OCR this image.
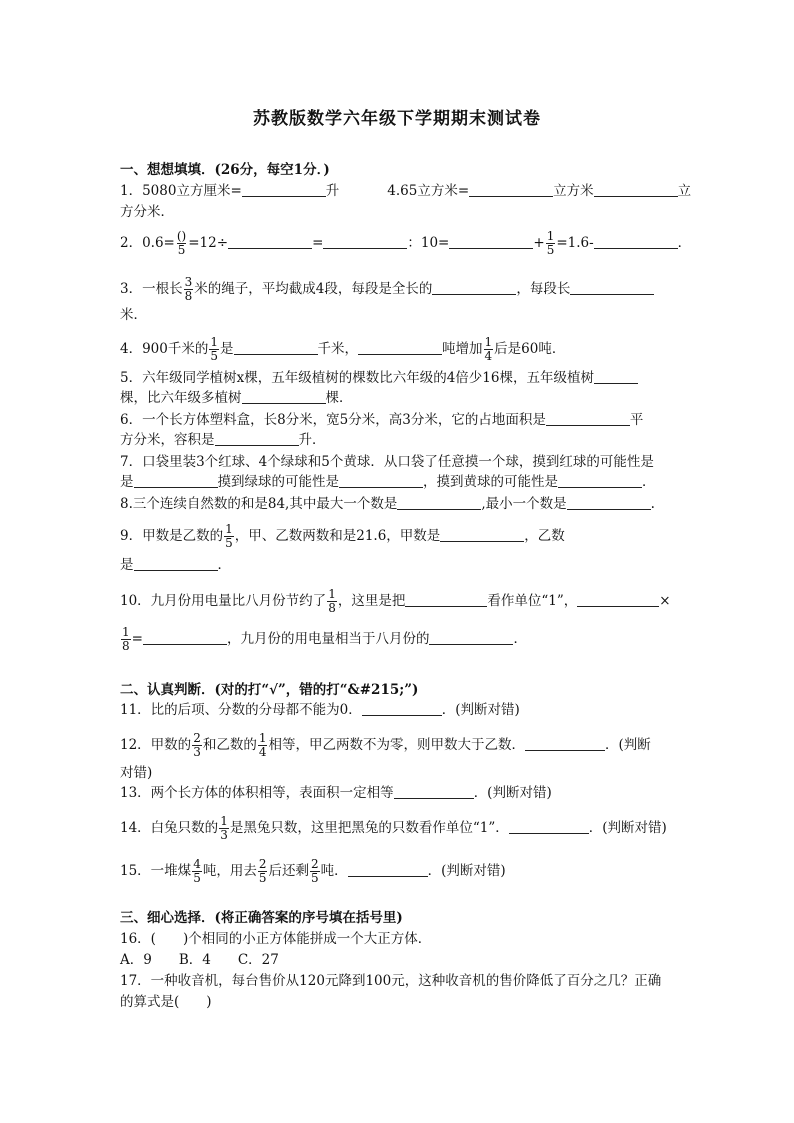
苏教版数学六年级下学期期末测试卷
一、想想填填．(26分，每空1分．)
1．5080立方厘米=	升	4.65立方米=	立方米	立
方分米．
2．$0.6= \frac{()}{5} =12\div$	=	：10=	+ $\frac{1}{5} =1.6-$	．
3．一根长 $\frac{3}{8}$ 米的绳子，平均截成4段，每段是全长的	，每段长
米．
4．900千米的 $\frac{1}{5}$ 是	千米，	吨增加 $\frac{1}{4}$ 后是60吨．
5．六年级同学植树x棵，五年级植树的棵数比六年级的4倍少16棵，五年级植树
棵，比六年级多植树	棵．
6．一个长方体塑料盒，长8分米，宽5分米，高3分米，它的占地面积是	平
方分米，容积是	升．
7．口袋里装3个红球、4个绿球和5个黄球．从口袋了任意摸一个球，摸到红球的可能性是
是	摸到绿球的可能性是	，摸到黄球的可能性是	．
8.三个连续自然数的和是84,其中最大一个数是	,最小一个数是	.
9．甲数是乙数的 $\frac{1}{5}$ ，甲、乙数两数和是21.6，甲数是	，乙数
是	．
10．九月份用电量比八月份节约了 $\frac{1}{8}$ ，这里是把	看作单位“1”，	×
$\frac{1}{8}$ =	，九月份的用电量相当于八月份的	．
二、认真判断．(对的打“√”，错的打“&#215;”)
11．比的后项、分数的分母都不能为0．	．(判断对错)
12．甲数的 $\frac{2}{3}$ 和乙数的 $\frac{1}{4}$ 相等，甲乙两数不为零，则甲数大于乙数．	．(判断
对错)
13．两个长方体的体积相等，表面积一定相等	．(判断对错)
14．白兔只数的 $\frac{1}{3}$ 是黑兔只数，这里把黑兔的只数看作单位“1”．	．(判断对错)
15．一堆煤 $\frac{4}{5}$ 吨，用去 $\frac{2}{5}$ 后还剩 $\frac{2}{5}$ 吨．	．(判断对错)
三、细心选择．(将正确答案的序号填在括号里)
16．(　　)个相同的小正方体能拼成一个大正方体．
A．9　　B．4　　C．27
17．一种收音机，每台售价从120元降到100元，这种收音机的售价降低了百分之几？正确
的算式是(　　)
